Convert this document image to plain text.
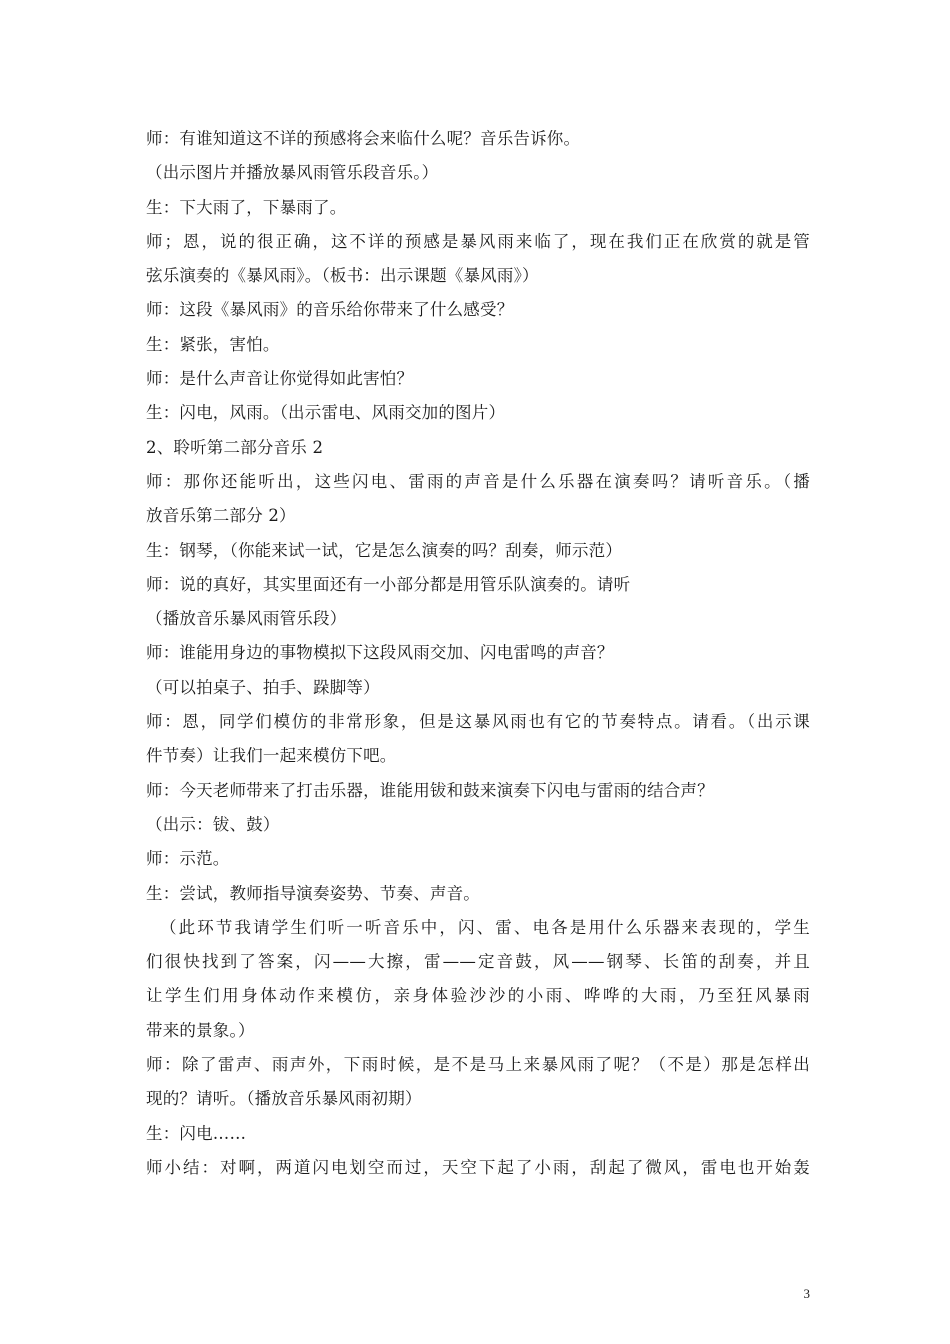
师：有谁知道这不详的预感将会来临什么呢？音乐告诉你。
（出示图片并播放暴风雨管乐段音乐。）
生：下大雨了，下暴雨了。
师；恩，说的很正确，这不详的预感是暴风雨来临了，现在我们正在欣赏的就是管
弦乐演奏的《暴风雨》。（板书：出示课题《暴风雨》）
师：这段《暴风雨》的音乐给你带来了什么感受？
生：紧张，害怕。
师：是什么声音让你觉得如此害怕？
生：闪电，风雨。（出示雷电、风雨交加的图片）
2、聆听第二部分音乐 2
师：那你还能听出，这些闪电、雷雨的声音是什么乐器在演奏吗？请听音乐。（播
放音乐第二部分 2）
生：钢琴，（你能来试一试，它是怎么演奏的吗？刮奏，师示范）
师：说的真好，其实里面还有一小部分都是用管乐队演奏的。请听
（播放音乐暴风雨管乐段）
师：谁能用身边的事物模拟下这段风雨交加、闪电雷鸣的声音？
（可以拍桌子、拍手、跺脚等）
师：恩，同学们模仿的非常形象，但是这暴风雨也有它的节奏特点。请看。（出示课
件节奏）让我们一起来模仿下吧。
师：今天老师带来了打击乐器，谁能用钹和鼓来演奏下闪电与雷雨的结合声？
（出示：钹、鼓）
师：示范。
生：尝试，教师指导演奏姿势、节奏、声音。
（此环节我请学生们听一听音乐中，闪、雷、电各是用什么乐器来表现的，学生
们很快找到了答案，闪——大擦，雷——定音鼓，风——钢琴、长笛的刮奏，并且
让学生们用身体动作来模仿，亲身体验沙沙的小雨、哗哗的大雨，乃至狂风暴雨
带来的景象。）
师：除了雷声、雨声外，下雨时候，是不是马上来暴风雨了呢？（不是）那是怎样出
现的？请听。（播放音乐暴风雨初期）
生：闪电……
师小结：对啊，两道闪电划空而过，天空下起了小雨，刮起了微风，雷电也开始轰
3
